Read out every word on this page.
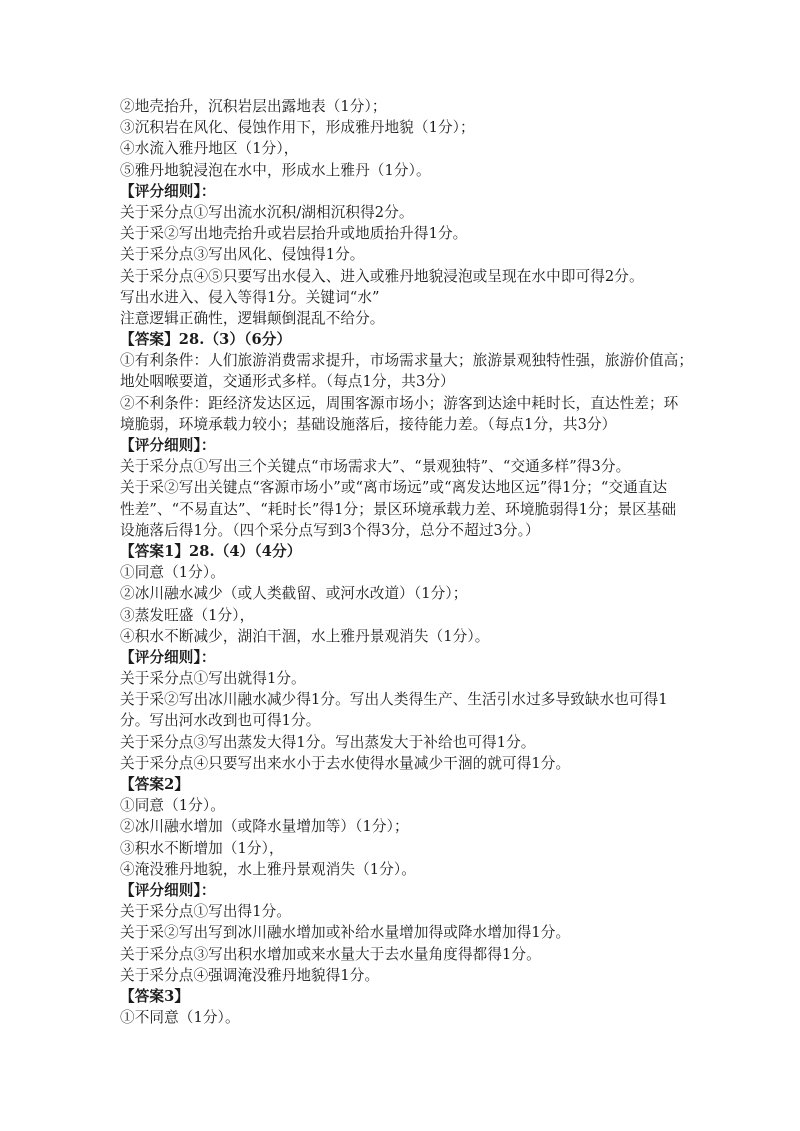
②地壳抬升，沉积岩层出露地表（1分）；
③沉积岩在风化、侵蚀作用下，形成雅丹地貌（1分）；
④水流入雅丹地区（1分），
⑤雅丹地貌浸泡在水中，形成水上雅丹（1分）。
【评分细则】：
关于采分点①写出流水沉积/湖相沉积得2分。
关于采②写出地壳抬升或岩层抬升或地质抬升得1分。
关于采分点③写出风化、侵蚀得1分。
关于采分点④⑤只要写出水侵入、进入或雅丹地貌浸泡或呈现在水中即可得2分。
写出水进入、侵入等得1分。关键词“水”
注意逻辑正确性，逻辑颠倒混乱不给分。
【答案】28.（3）（6分）
①有利条件：人们旅游消费需求提升，市场需求量大；旅游景观独特性强，旅游价值高；
地处咽喉要道，交通形式多样。（每点1分，共3分）
②不利条件：距经济发达区远，周围客源市场小；游客到达途中耗时长，直达性差；环
境脆弱，环境承载力较小；基础设施落后，接待能力差。（每点1分，共3分）
【评分细则】：
关于采分点①写出三个关键点“市场需求大”、“景观独特”、“交通多样”得3分。
关于采②写出关键点“客源市场小”或“离市场远”或“离发达地区远”得1分；“交通直达
性差”、“不易直达”、“耗时长”得1分；景区环境承载力差、环境脆弱得1分；景区基础
设施落后得1分。（四个采分点写到3个得3分，总分不超过3分。）
【答案1】28.（4）（4分）
①同意（1分）。
②冰川融水减少（或人类截留、或河水改道）（1分）；
③蒸发旺盛（1分），
④积水不断减少，湖泊干涸，水上雅丹景观消失（1分）。
【评分细则】：
关于采分点①写出就得1分。
关于采②写出冰川融水减少得1分。写出人类得生产、生活引水过多导致缺水也可得1
分。写出河水改到也可得1分。
关于采分点③写出蒸发大得1分。写出蒸发大于补给也可得1分。
关于采分点④只要写出来水小于去水使得水量减少干涸的就可得1分。
【答案2】
①同意（1分）。
②冰川融水增加（或降水量增加等）（1分）；
③积水不断增加（1分），
④淹没雅丹地貌，水上雅丹景观消失（1分）。
【评分细则】：
关于采分点①写出得1分。
关于采②写出写到冰川融水增加或补给水量增加得或降水增加得1分。
关于采分点③写出积水增加或来水量大于去水量角度得都得1分。
关于采分点④强调淹没雅丹地貌得1分。
【答案3】
①不同意（1分）。
